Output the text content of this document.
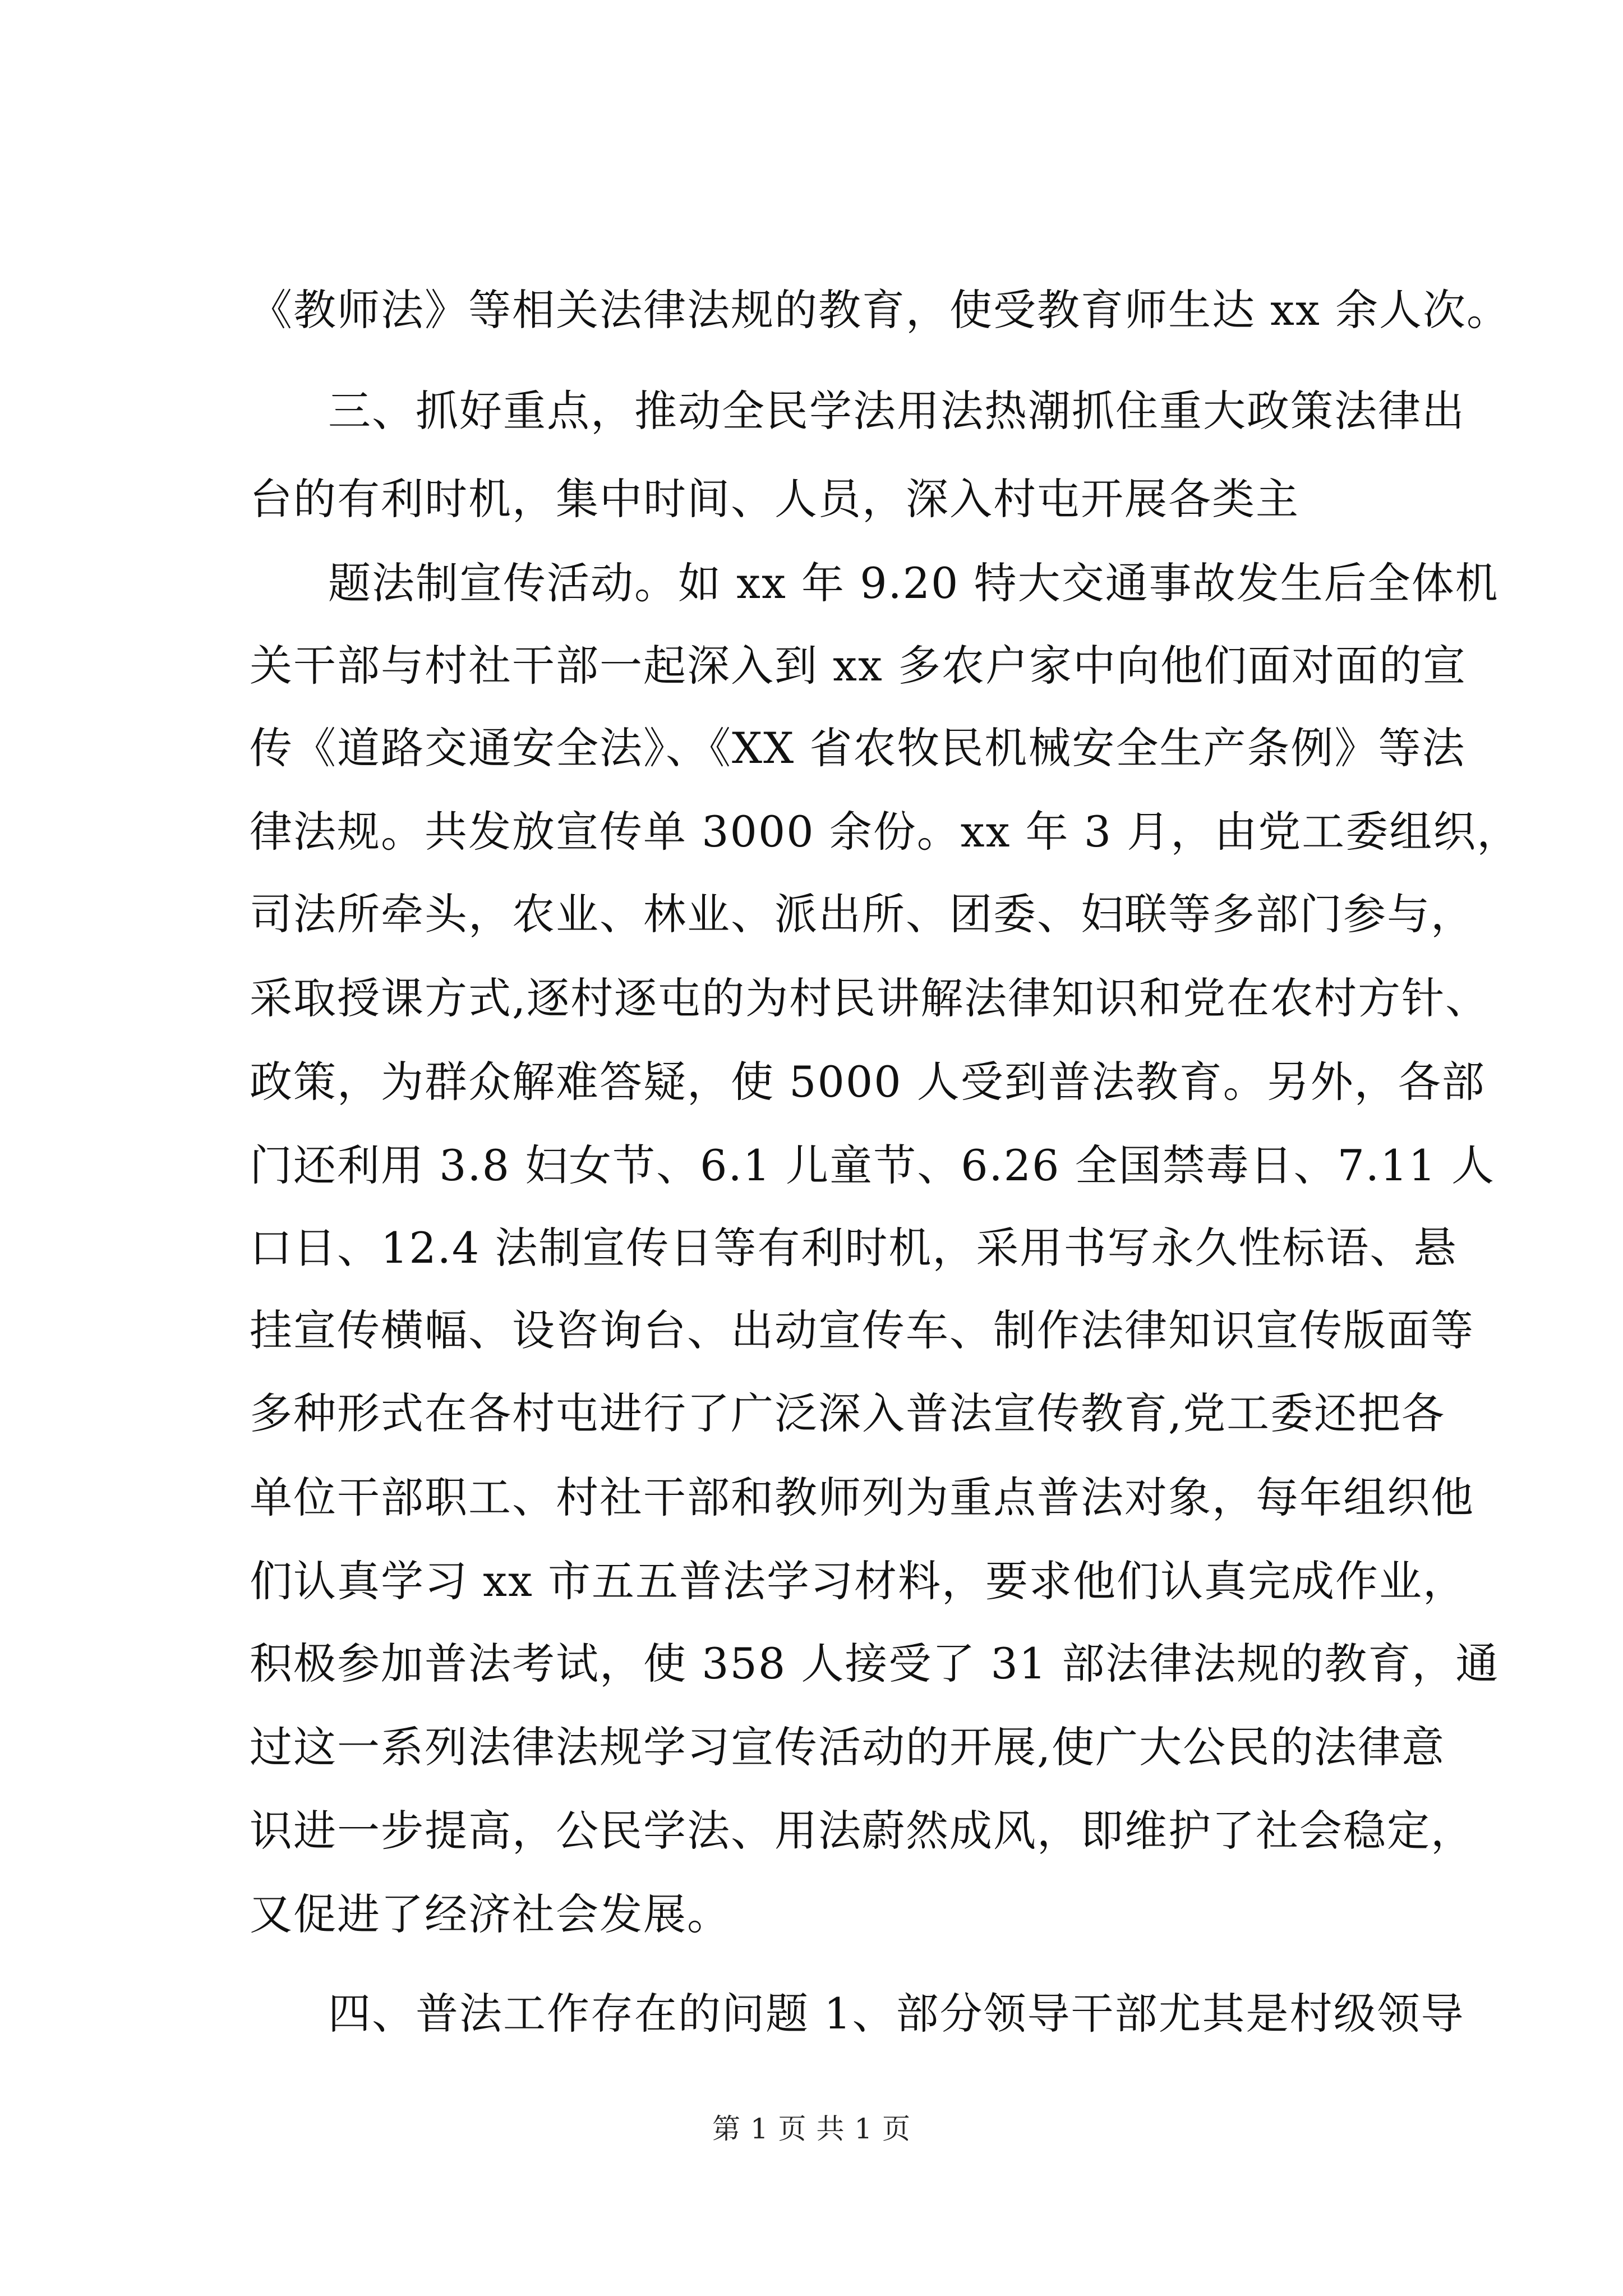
《教师法》等相关法律法规的教育，使受教育师生达 xx 余人次。
三、抓好重点，推动全民学法用法热潮抓住重大政策法律出
台的有利时机，集中时间、人员，深入村屯开展各类主
题法制宣传活动。如 xx 年 9.20 特大交通事故发生后全体机
关干部与村社干部一起深入到 xx 多农户家中向他们面对面的宣
传《道路交通安全法》、《XX 省农牧民机械安全生产条例》等法
律法规。共发放宣传单 3000 余份。xx 年 3 月，由党工委组织，
司法所牵头，农业、林业、派出所、团委、妇联等多部门参与，
采取授课方式,逐村逐屯的为村民讲解法律知识和党在农村方针、
政策，为群众解难答疑，使 5000 人受到普法教育。另外，各部
门还利用 3.8 妇女节、6.1 儿童节、6.26 全国禁毒日、7.11 人
口日、12.4 法制宣传日等有利时机，采用书写永久性标语、悬
挂宣传横幅、设咨询台、出动宣传车、制作法律知识宣传版面等
多种形式在各村屯进行了广泛深入普法宣传教育,党工委还把各
单位干部职工、村社干部和教师列为重点普法对象，每年组织他
们认真学习 xx 市五五普法学习材料，要求他们认真完成作业，
积极参加普法考试，使 358 人接受了 31 部法律法规的教育，通
过这一系列法律法规学习宣传活动的开展,使广大公民的法律意
识进一步提高，公民学法、用法蔚然成风，即维护了社会稳定，
又促进了经济社会发展。
四、普法工作存在的问题 1、部分领导干部尤其是村级领导
第 1 页 共 1 页
